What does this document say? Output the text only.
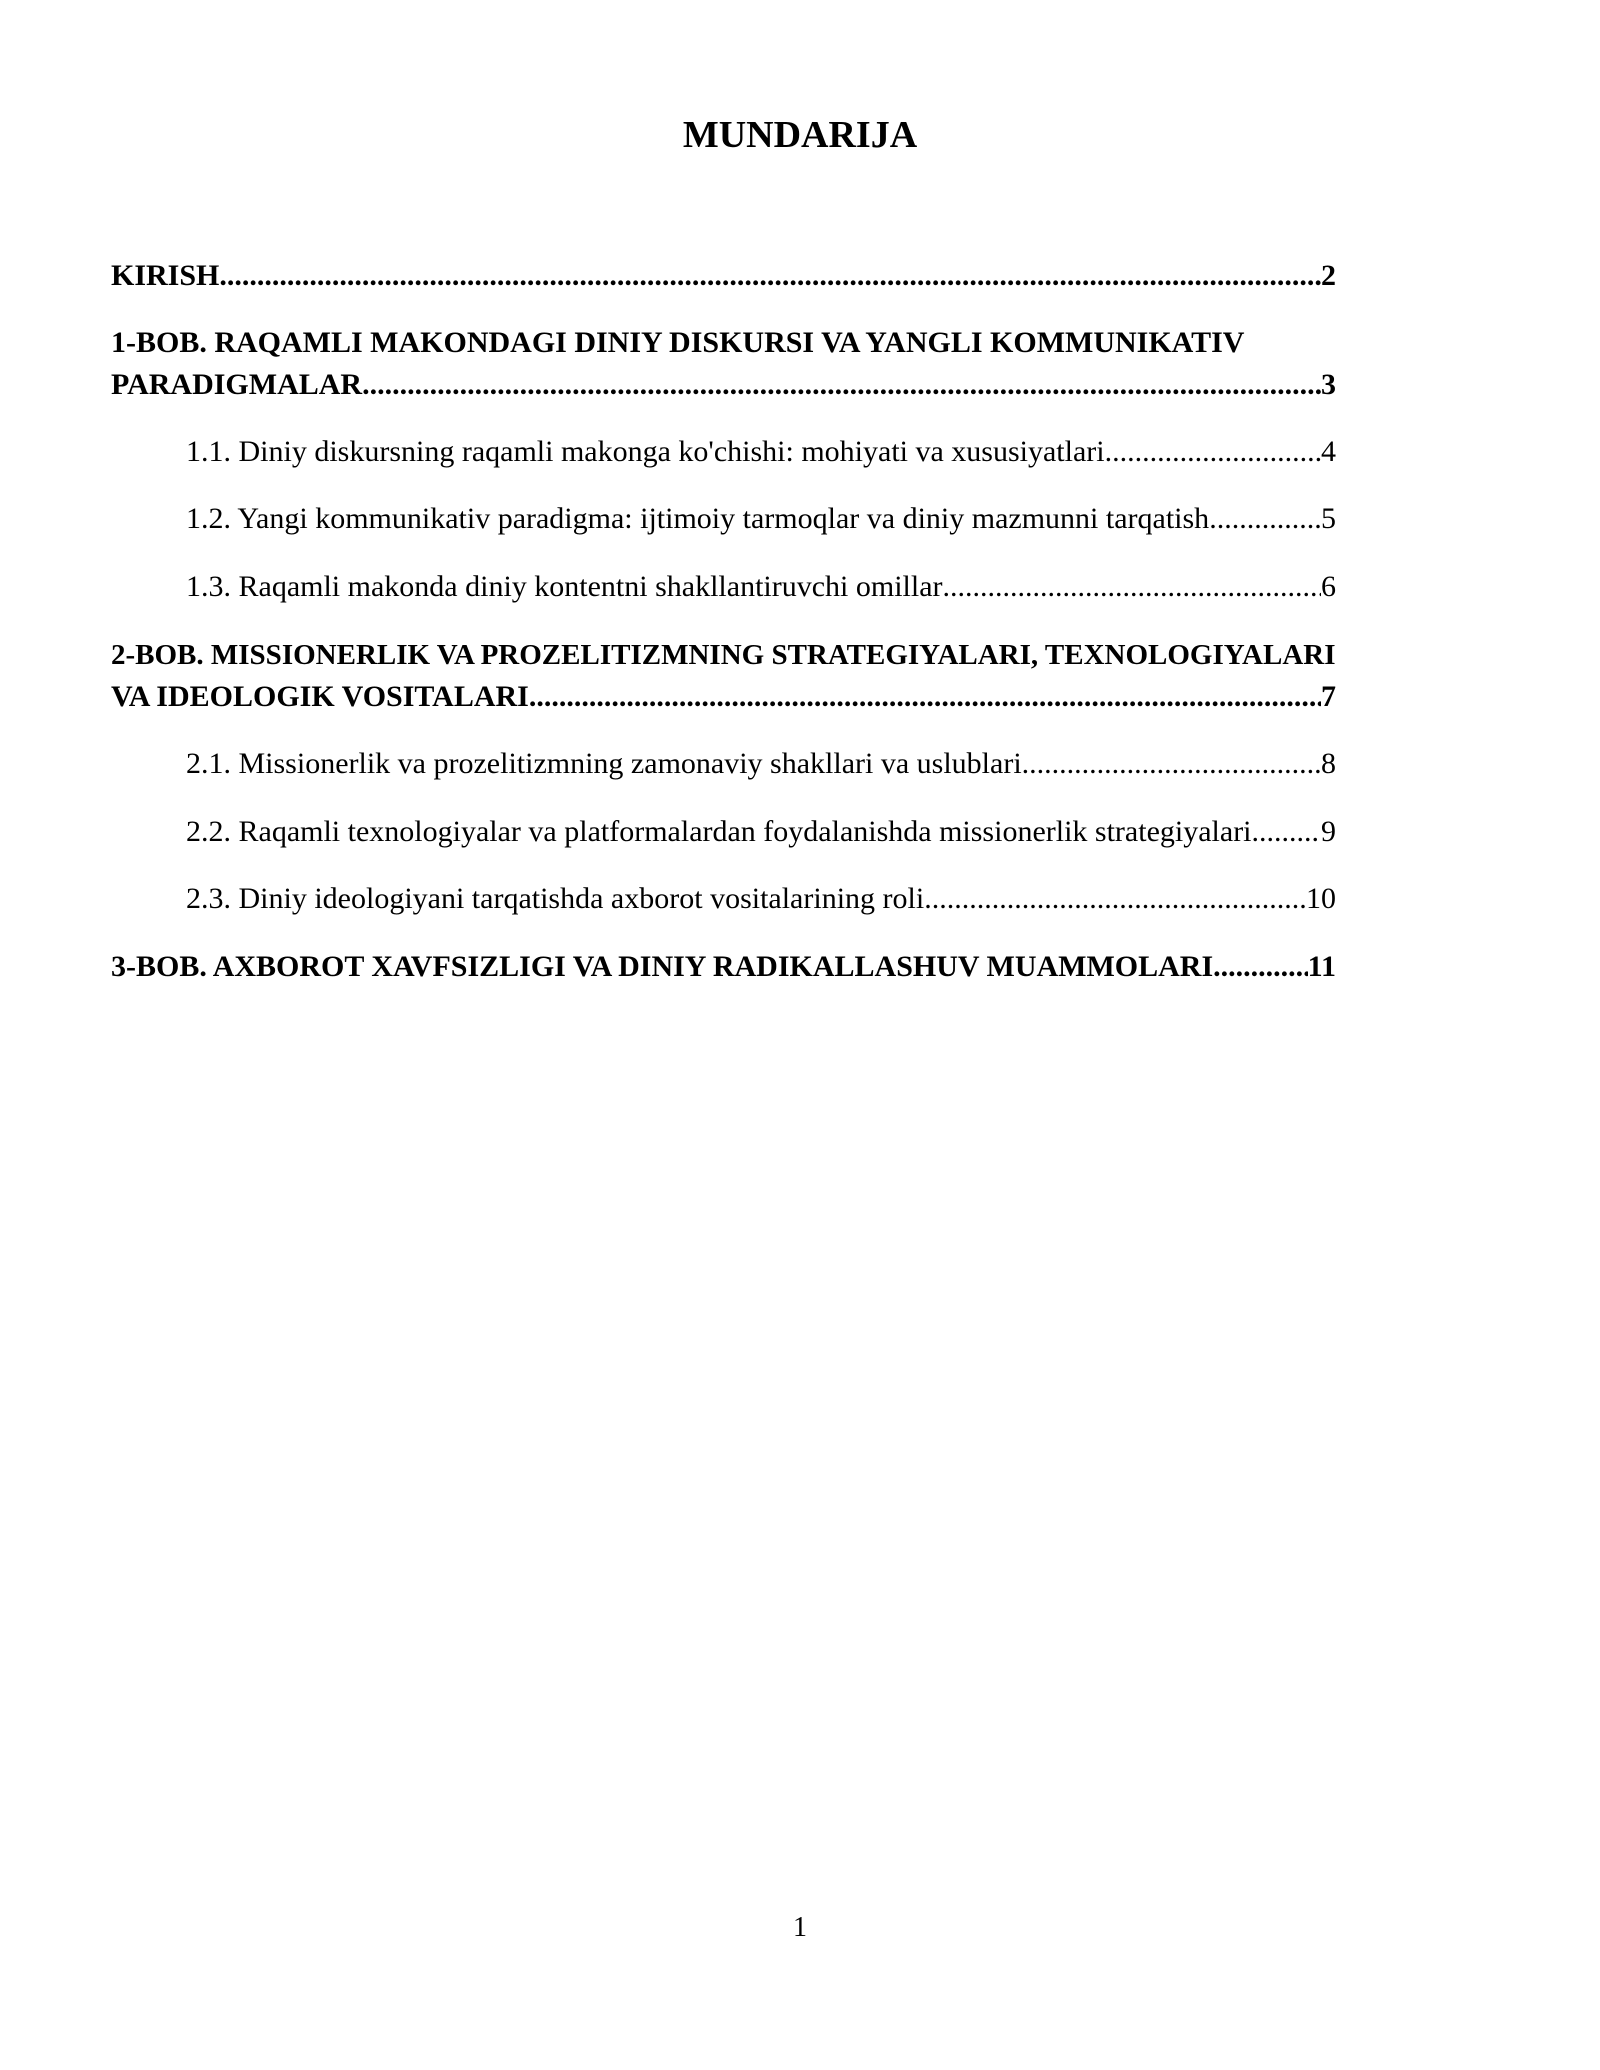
MUNDARIJA
KIRISH .....	2
1-BOB. RAQAMLI MAKONDAGI DINIY DISKURSI VA YANGLI KOMMUNIKATIV
PARADIGMALAR .....	3
1.1. Diniy diskursning raqamli makonga ko'chishi: mohiyati va xususiyatlari .....	4
1.2. Yangi kommunikativ paradigma: ijtimoiy tarmoqlar va diniy mazmunni tarqatish .....	5
1.3. Raqamli makonda diniy kontentni shakllantiruvchi omillar .....	6
2-BOB. MISSIONERLIK VA PROZELITIZMNING STRATEGIYALARI, TEXNOLOGIYALARI
VA IDEOLOGIK VOSITALARI .....	7
2.1. Missionerlik va prozelitizmning zamonaviy shakllari va uslublari .....	8
2.2. Raqamli texnologiyalar va platformalardan foydalanishda missionerlik strategiyalari. ..... 9
2.3. Diniy ideologiyani tarqatishda axborot vositalarining roli .....	10
3-BOB. AXBOROT XAVFSIZLIGI VA DINIY RADIKALLASHUV MUAMMOLARI .....	11
1
